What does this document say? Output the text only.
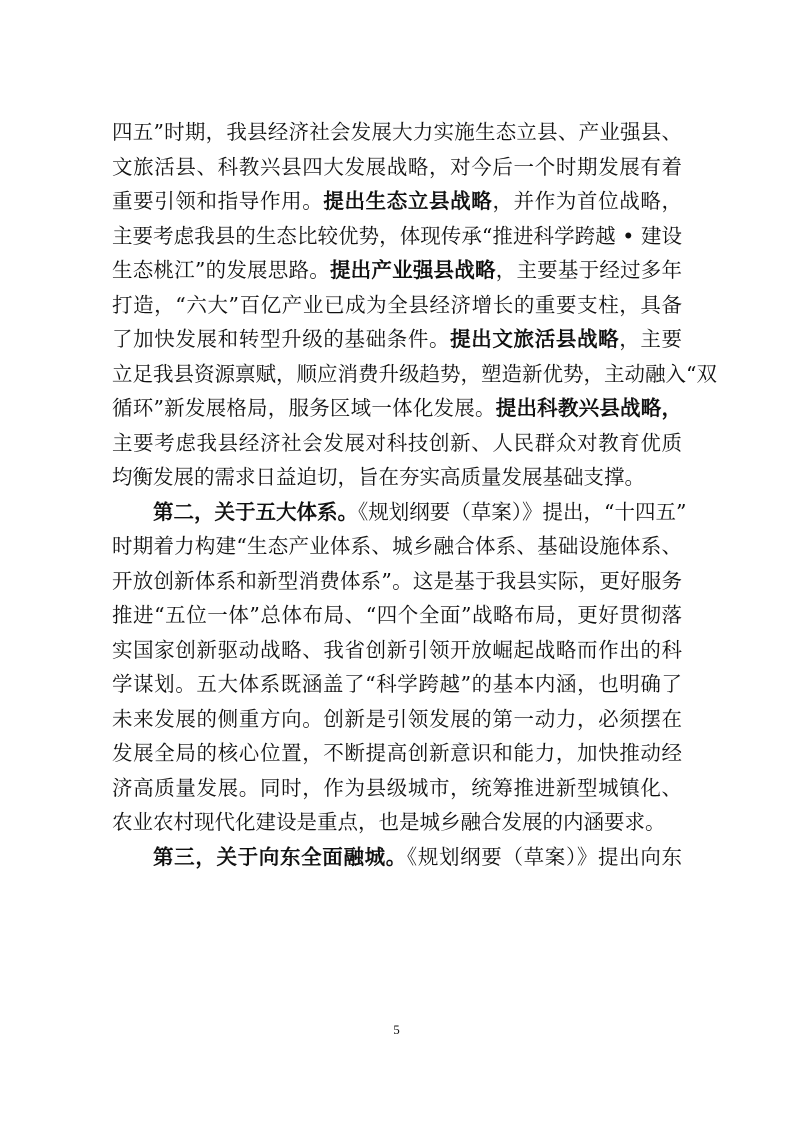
四五”时期，我县经济社会发展大力实施生态立县、产业强县、
文旅活县、科教兴县四大发展战略，对今后一个时期发展有着
重要引领和指导作用。提出生态立县战略，并作为首位战略，
主要考虑我县的生态比较优势，体现传承“推进科学跨越 • 建设
生态桃江”的发展思路。提出产业强县战略，主要基于经过多年
打造，“六大”百亿产业已成为全县经济增长的重要支柱，具备
了加快发展和转型升级的基础条件。提出文旅活县战略，主要
立足我县资源禀赋，顺应消费升级趋势，塑造新优势，主动融入“双
循环”新发展格局，服务区域一体化发展。提出科教兴县战略，
主要考虑我县经济社会发展对科技创新、人民群众对教育优质
均衡发展的需求日益迫切，旨在夯实高质量发展基础支撑。
第二，关于五大体系。《规划纲要（草案）》提出，“十四五”
时期着力构建“生态产业体系、城乡融合体系、基础设施体系、
开放创新体系和新型消费体系”。这是基于我县实际，更好服务
推进“五位一体”总体布局、“四个全面”战略布局，更好贯彻落
实国家创新驱动战略、我省创新引领开放崛起战略而作出的科
学谋划。五大体系既涵盖了“科学跨越”的基本内涵，也明确了
未来发展的侧重方向。创新是引领发展的第一动力，必须摆在
发展全局的核心位置，不断提高创新意识和能力，加快推动经
济高质量发展。同时，作为县级城市，统筹推进新型城镇化、
农业农村现代化建设是重点，也是城乡融合发展的内涵要求。
第三，关于向东全面融城。《规划纲要（草案）》提出向东
5
